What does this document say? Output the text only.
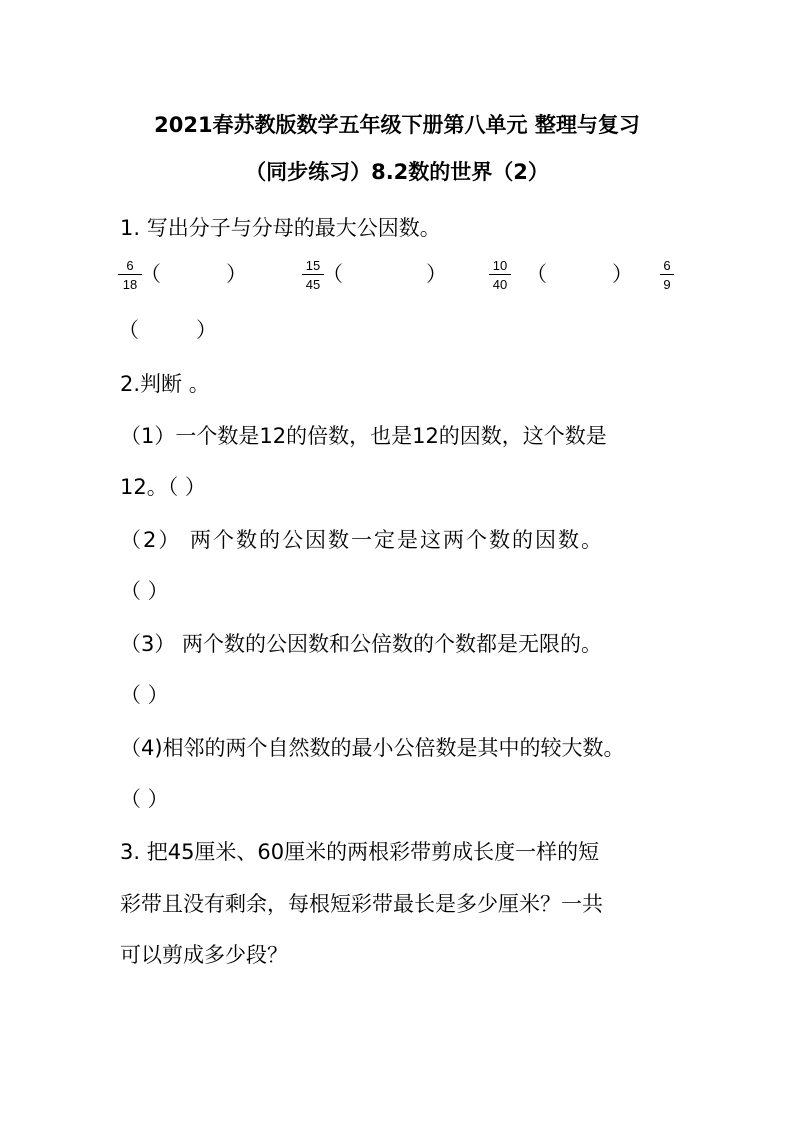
2021春苏教版数学五年级下册第八单元 整理与复习
（同步练习）8.2数的世界（2）
1. 写出分子与分母的最大公因数。
6
18 （	）	15
45 （	）	10
40 （	） 6
9
（	）
2.判断 。
（1）一个数是12的倍数，也是12的因数，这个数是
12。（ ）
（2） 两个数的公因数一定是这两个数的因数。
（ ）
（3） 两个数的公因数和公倍数的个数都是无限的。
（ ）
（4)相邻的两个自然数的最小公倍数是其中的较大数。
（ ）
3. 把45厘米、60厘米的两根彩带剪成长度一样的短
彩带且没有剩余，每根短彩带最长是多少厘米？一共
可以剪成多少段？
